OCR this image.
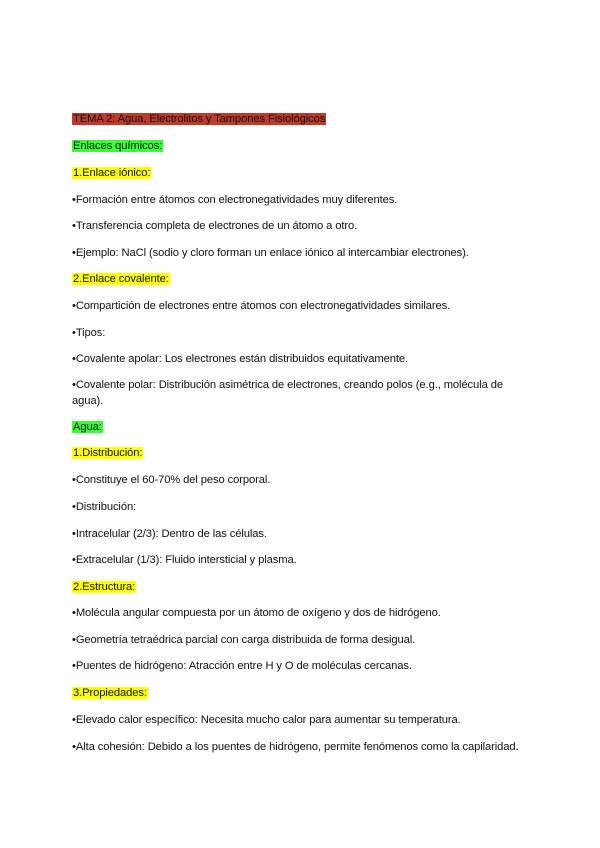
TEMA 2: Agua, Electrolitos y Tampones Fisiológicos
Enlaces químicos:
1.Enlace iónico:
•Formación entre átomos con electronegatividades muy diferentes.
•Transferencia completa de electrones de un átomo a otro.
•Ejemplo: NaCl (sodio y cloro forman un enlace iónico al intercambiar electrones).
2.Enlace covalente:
•Compartición de electrones entre átomos con electronegatividades similares.
•Tipos:
•Covalente apolar: Los electrones están distribuidos equitativamente.
•Covalente polar: Distribución asimétrica de electrones, creando polos (e.g., molécula de agua).
Agua:
1.Distribución:
•Constituye el 60-70% del peso corporal.
•Distribución:
•Intracelular (2/3): Dentro de las células.
•Extracelular (1/3): Fluido intersticial y plasma.
2.Estructura:
•Molécula angular compuesta por un átomo de oxígeno y dos de hidrógeno.
•Geometría tetraédrica parcial con carga distribuida de forma desigual.
•Puentes de hidrógeno: Atracción entre H y O de moléculas cercanas.
3.Propiedades:
•Elevado calor específico: Necesita mucho calor para aumentar su temperatura.
•Alta cohesión: Debido a los puentes de hidrógeno, permite fenómenos como la capilaridad.
